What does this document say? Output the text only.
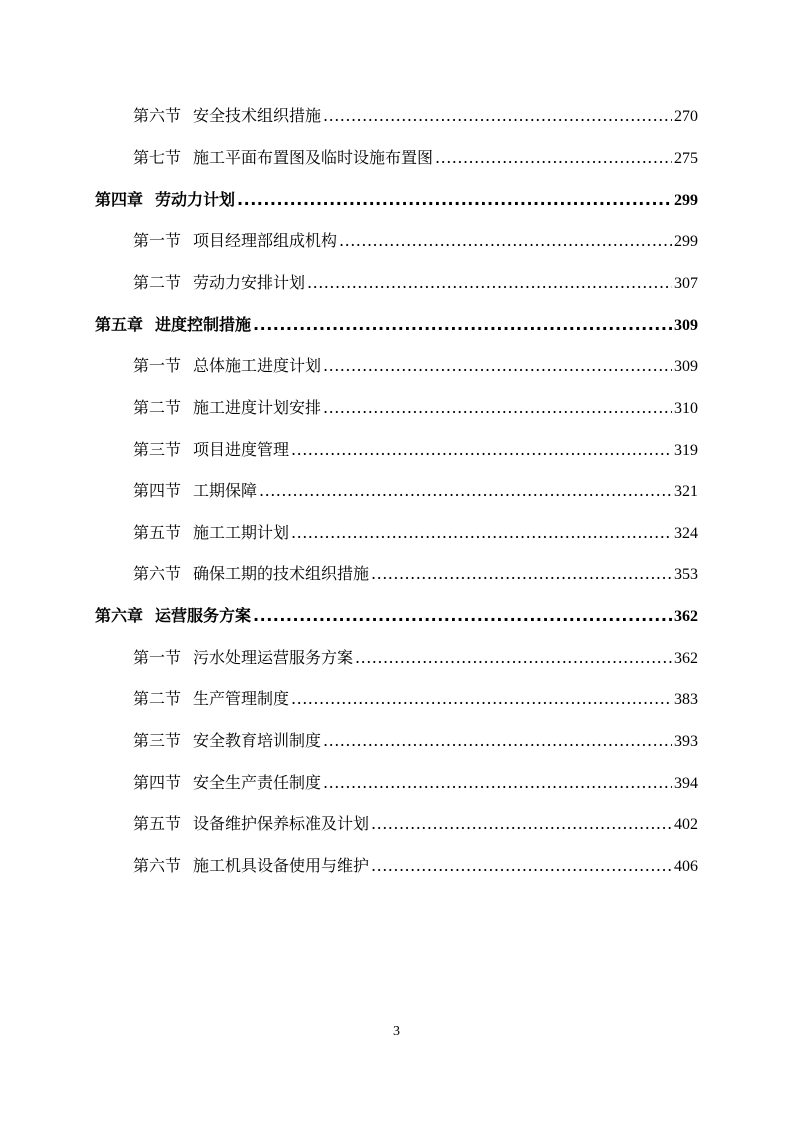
第六节 安全技术组织措施 .....	270
第七节 施工平面布置图及临时设施布置图 .....	275
第四章 劳动力计划 .....	299
第一节 项目经理部组成机构 .....	299
第二节 劳动力安排计划 .....	307
第五章 进度控制措施 .....	309
第一节 总体施工进度计划 .....	309
第二节 施工进度计划安排 .....	310
第三节 项目进度管理 .....	319
第四节 工期保障 .....	321
第五节 施工工期计划 .....	324
第六节 确保工期的技术组织措施 .....	353
第六章 运营服务方案 .....	362
第一节 污水处理运营服务方案 .....	362
第二节 生产管理制度 .....	383
第三节 安全教育培训制度 .....	393
第四节 安全生产责任制度 .....	394
第五节 设备维护保养标准及计划 .....	402
第六节 施工机具设备使用与维护 .....	406
3
